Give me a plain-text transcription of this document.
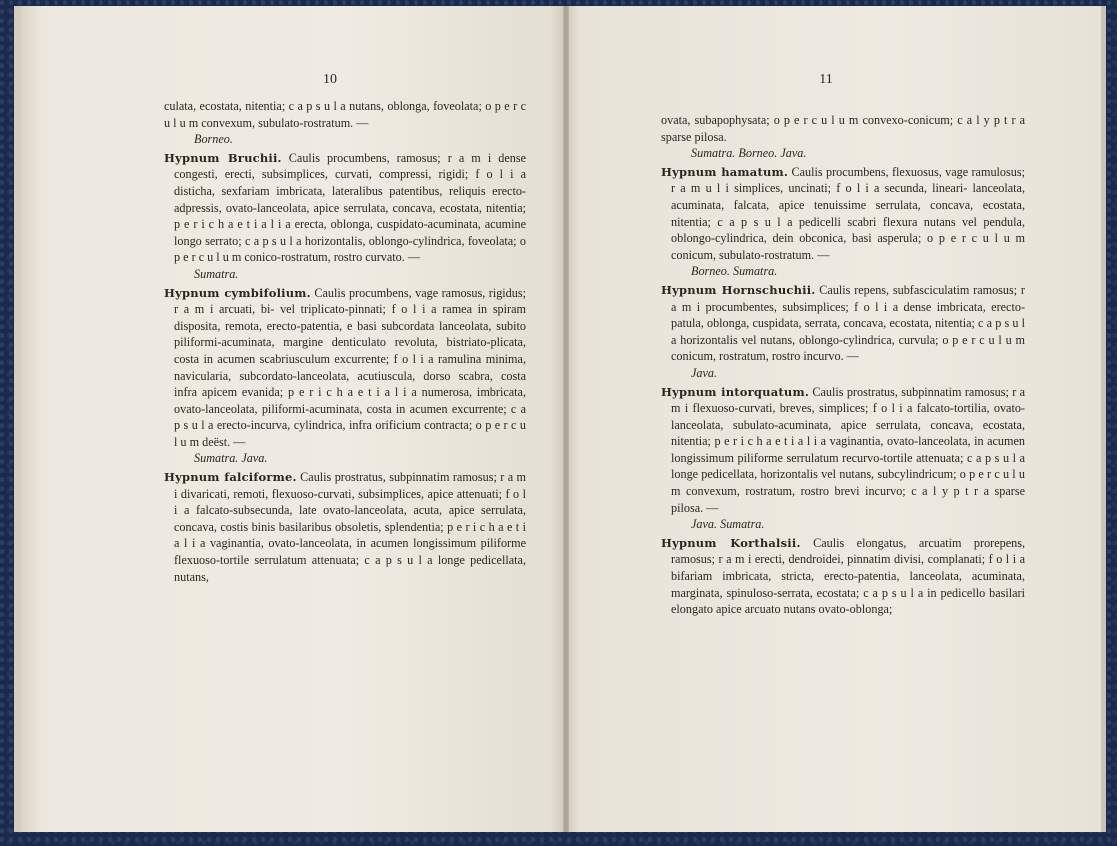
10

culata, ecostata, nitentia; c a p s u l a nutans, oblonga, foveolata; o p e r c u l u m convexum, subulato-rostratum. —

Borneo.

Hypnum Bruchii. Caulis procumbens, ramosus; r a m i dense congesti, erecti, subsimplices, curvati, compressi, rigidi; f o l i a disticha, sexfariam imbricata, lateralibus patentibus, reliquis erecto-adpressis, ovato-lanceolata, apice serrulata, concava, ecostata, nitentia; p e r i c h a e t i a l i a erecta, oblonga, cuspidato-acuminata, acumine longo serrato; c a p s u l a horizontalis, oblongo-cylindrica, foveolata; o p e r c u l u m conico-rostratum, rostro curvato. —

Sumatra.

Hypnum cymbifolium. Caulis procumbens, vage ramosus, rigidus; r a m i arcuati, bi- vel triplicato-pinnati; f o l i a ramea in spiram disposita, remota, erecto-patentia, e basi subcordata lanceolata, subito piliformi-acuminata, margine denticulato revoluta, bistriato-plicata, costa in acumen scabriusculum excurrente; f o l i a ramulina minima, navicularia, subcordato-lanceolata, acutiuscula, dorso scabra, costa infra apicem evanida; p e r i c h a e t i a l i a numerosa, imbricata, ovato-lanceolata, piliformi-acuminata, costa in acumen excurrente; c a p s u l a erecto-incurva, cylindrica, infra orificium contracta; o p e r c u l u m deëst. —

Sumatra. Java.

Hypnum falciforme. Caulis prostratus, subpinnatim ramosus; r a m i divaricati, remoti, flexuoso-curvati, subsimplices, apice attenuati; f o l i a falcato-subsecunda, late ovato-lanceolata, acuta, apice serrulata, concava, costis binis basilaribus obsoletis, splendentia; p e r i c h a e t i a l i a vaginantia, ovato-lanceolata, in acumen longissimum piliforme flexuoso-tortile serrulatum attenuata; c a p s u l a longe pedicellata, nutans,

11

ovata, subapophysata; o p e r c u l u m convexo-conicum; c a l y p t r a sparse pilosa.

Sumatra. Borneo. Java.

Hypnum hamatum. Caulis procumbens, flexuosus, vage ramulosus; r a m u l i simplices, uncinati; f o l i a secunda, lineari- lanceolata, acuminata, falcata, apice tenuissime serrulata, concava, ecostata, nitentia; c a p s u l a pedicelli scabri flexura nutans vel pendula, oblongo-cylindrica, dein obconica, basi asperula; o p e r c u l u m conicum, subulato-rostratum. —

Borneo. Sumatra.

Hypnum Hornschuchii. Caulis repens, subfasciculatim ramosus; r a m i procumbentes, subsimplices; f o l i a dense imbricata, erecto-patula, oblonga, cuspidata, serrata, concava, ecostata, nitentia; c a p s u l a horizontalis vel nutans, oblongo-cylindrica, curvula; o p e r c u l u m conicum, rostratum, rostro incurvo. —

Java.

Hypnum intorquatum. Caulis prostratus, subpinnatim ramosus; r a m i flexuoso-curvati, breves, simplices; f o l i a falcato-tortilia, ovato-lanceolata, subulato-acuminata, apice serrulata, concava, ecostata, nitentia; p e r i c h a e t i a l i a vaginantia, ovato-lanceolata, in acumen longissimum piliforme serrulatum recurvo-tortile attenuata; c a p s u l a longe pedicellata, horizontalis vel nutans, subcylindricum; o p e r c u l u m convexum, rostratum, rostro brevi incurvo; c a l y p t r a sparse pilosa. —

Java. Sumatra.

Hypnum Korthalsii. Caulis elongatus, arcuatim prorepens, ramosus; r a m i erecti, dendroidei, pinnatim divisi, complanati; f o l i a bifariam imbricata, stricta, erecto-patentia, lanceolata, acuminata, marginata, spinuloso-serrata, ecostata; c a p s u l a in pedicello basilari elongato apice arcuato nutans ovato-oblonga;
